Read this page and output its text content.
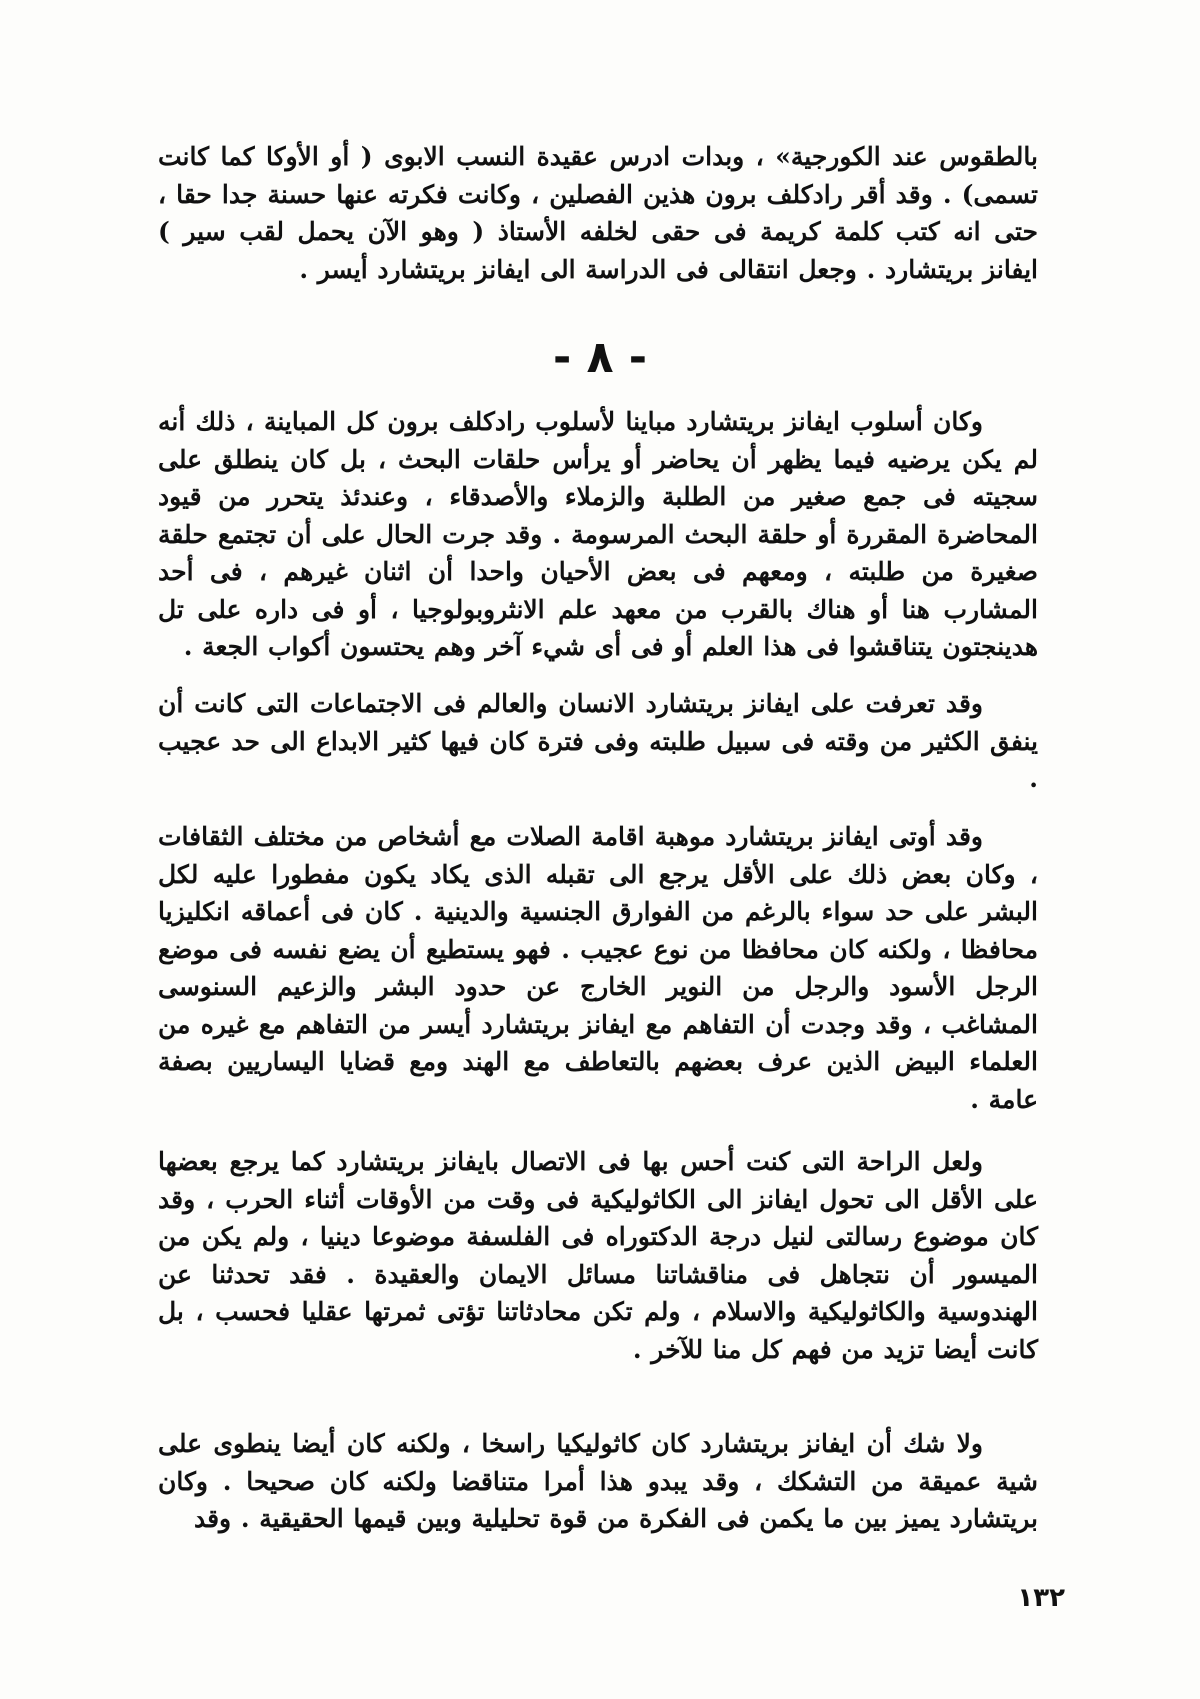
بالطقوس عند الكورجية» ، وبدات ادرس عقيدة النسب الابوى ( أو الأوكا كما كانت تسمى) . وقد أقر رادكلف برون هذين الفصلين ، وكانت فكرته عنها حسنة جدا حقا ، حتى انه كتب كلمة كريمة فى حقى لخلفه الأستاذ ( وهو الآن يحمل لقب سير ) ايفانز بريتشارد . وجعل انتقالى فى الدراسة الى ايفانز بريتشارد أيسر .

- ٨ -

وكان أسلوب ايفانز بريتشارد مباينا لأسلوب رادكلف برون كل المباينة ، ذلك أنه لم يكن يرضيه فيما يظهر أن يحاضر أو يرأس حلقات البحث ، بل كان ينطلق على سجيته فى جمع صغير من الطلبة والزملاء والأصدقاء ، وعندئذ يتحرر من قيود المحاضرة المقررة أو حلقة البحث المرسومة . وقد جرت الحال على أن تجتمع حلقة صغيرة من طلبته ، ومعهم فى بعض الأحيان واحدا أن اثنان غيرهم ، فى أحد المشارب هنا أو هناك بالقرب من معهد علم الانثروبولوجيا ، أو فى داره على تل هدينجتون يتناقشوا فى هذا العلم أو فى أى شيء آخر وهم يحتسون أكواب الجعة .

وقد تعرفت على ايفانز بريتشارد الانسان والعالم فى الاجتماعات التى كانت أن ينفق الكثير من وقته فى سبيل طلبته وفى فترة كان فيها كثير الابداع الى حد عجيب .

وقد أوتى ايفانز بريتشارد موهبة اقامة الصلات مع أشخاص من مختلف الثقافات ، وكان بعض ذلك على الأقل يرجع الى تقبله الذى يكاد يكون مفطورا عليه لكل البشر على حد سواء بالرغم من الفوارق الجنسية والدينية . كان فى أعماقه انكليزيا محافظا ، ولكنه كان محافظا من نوع عجيب . فهو يستطيع أن يضع نفسه فى موضع الرجل الأسود والرجل من النوير الخارج عن حدود البشر والزعيم السنوسى المشاغب ، وقد وجدت أن التفاهم مع ايفانز بريتشارد أيسر من التفاهم مع غيره من العلماء البيض الذين عرف بعضهم بالتعاطف مع الهند ومع قضايا اليساريين بصفة عامة .

ولعل الراحة التى كنت أحس بها فى الاتصال بايفانز بريتشارد كما يرجع بعضها على الأقل الى تحول ايفانز الى الكاثوليكية فى وقت من الأوقات أثناء الحرب ، وقد كان موضوع رسالتى لنيل درجة الدكتوراه فى الفلسفة موضوعا دينيا ، ولم يكن من الميسور أن نتجاهل فى مناقشاتنا مسائل الايمان والعقيدة . فقد تحدثنا عن الهندوسية والكاثوليكية والاسلام ، ولم تكن محادثاتنا تؤتى ثمرتها عقليا فحسب ، بل كانت أيضا تزيد من فهم كل منا للآخر .

ولا شك أن ايفانز بريتشارد كان كاثوليكيا راسخا ، ولكنه كان أيضا ينطوى على شية عميقة من التشكك ، وقد يبدو هذا أمرا متناقضا ولكنه كان صحيحا . وكان بريتشارد يميز بين ما يكمن فى الفكرة من قوة تحليلية وبين قيمها الحقيقية . وقد

١٣٢
